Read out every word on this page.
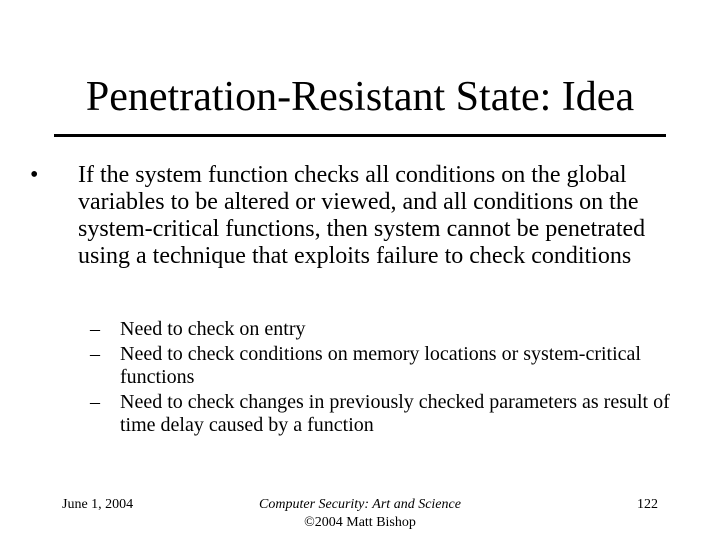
Penetration-Resistant State: Idea
• If the system function checks all conditions on the global variables to be altered or viewed, and all conditions on the system-critical functions, then system cannot be penetrated using a technique that exploits failure to check conditions
– Need to check on entry
– Need to check conditions on memory locations or system-critical functions
– Need to check changes in previously checked parameters as result of time delay caused by a function
June 1, 2004	Computer Security: Art and Science
©2004 Matt Bishop
122
